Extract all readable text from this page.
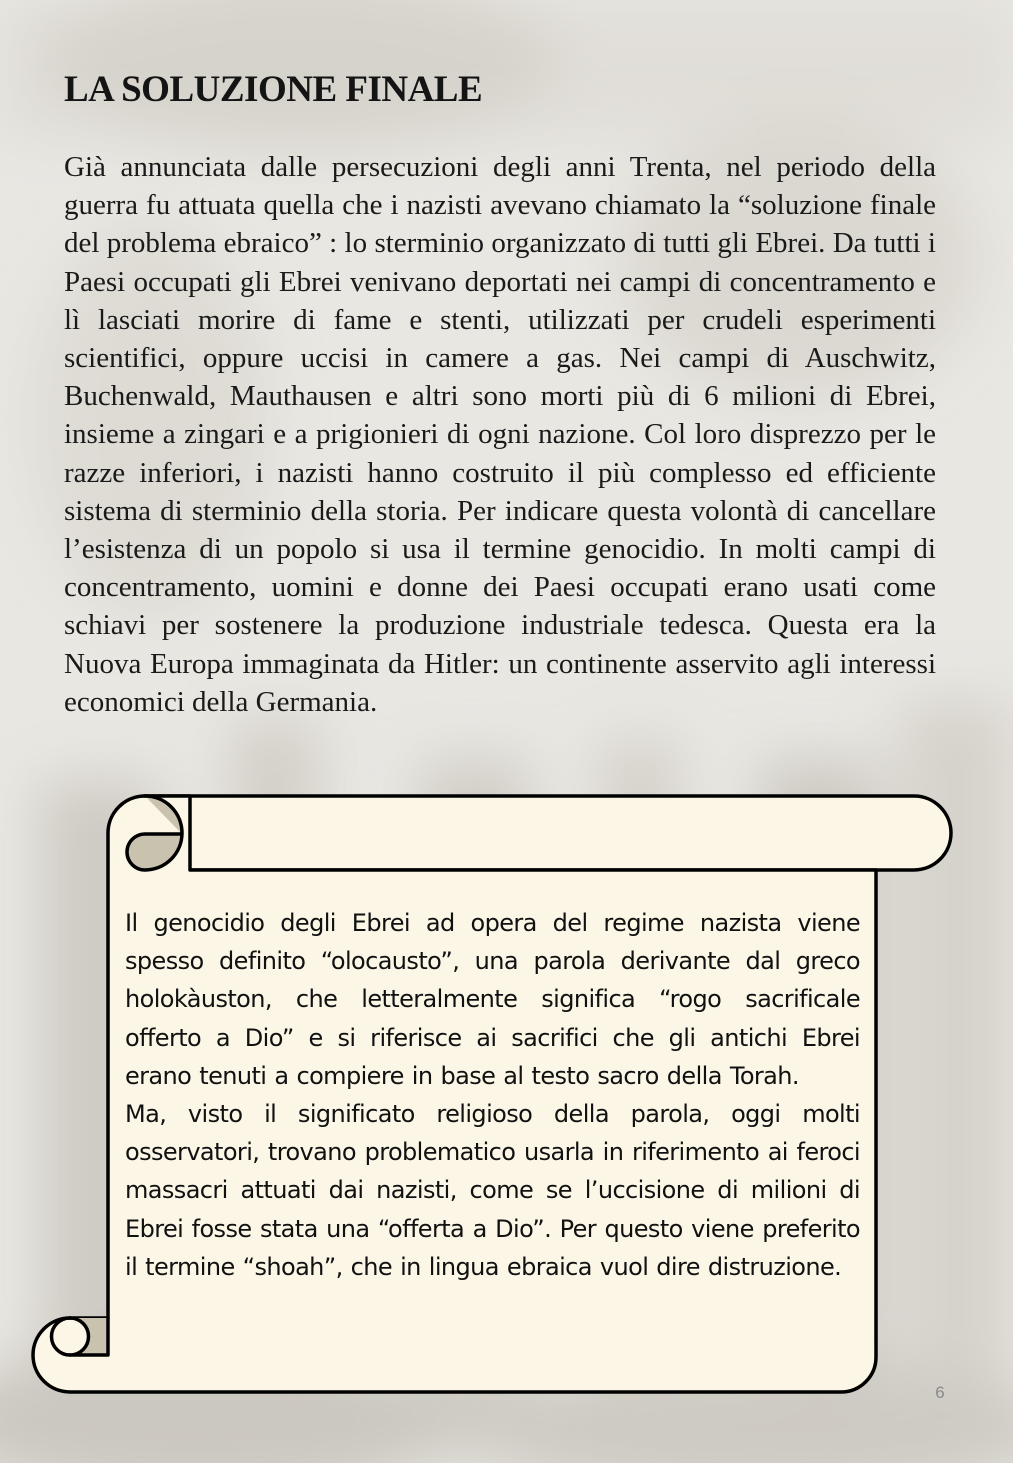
LA SOLUZIONE FINALE

Già annunciata dalle persecuzioni degli anni Trenta, nel periodo della guerra fu attuata quella che i nazisti avevano chiamato la “soluzione finale del problema ebraico” : lo sterminio organizzato di tutti gli Ebrei. Da tutti i Paesi occupati gli Ebrei venivano deportati nei campi di concentramento e lì lasciati morire di fame e stenti, utilizzati per crudeli esperimenti scientifici, oppure uccisi in camere a gas. Nei campi di Auschwitz, Buchenwald, Mauthausen e altri sono morti più di 6 milioni di Ebrei, insieme a zingari e a prigionieri di ogni nazione. Col loro disprezzo per le razze inferiori, i nazisti hanno costruito il più complesso ed efficiente sistema di sterminio della storia. Per indicare questa volontà di cancellare l’esistenza di un popolo si usa il termine genocidio. In molti campi di concentramento, uomini e donne dei Paesi occupati erano usati come schiavi per sostenere la produzione industriale tedesca. Questa era la Nuova Europa immaginata da Hitler: un continente asservito agli interessi economici della Germania.

Il genocidio degli Ebrei ad opera del regime nazista viene spesso definito “olocausto”, una parola derivante dal greco holokàuston, che letteralmente significa “rogo sacrificale offerto a Dio” e si riferisce ai sacrifici che gli antichi Ebrei erano tenuti a compiere in base al testo sacro della Torah.

Ma, visto il significato religioso della parola, oggi molti osservatori, trovano problematico usarla in riferimento ai feroci massacri attuati dai nazisti, come se l’uccisione di milioni di Ebrei fosse stata una “offerta a Dio”. Per questo viene preferito il termine “shoah”, che in lingua ebraica vuol dire distruzione.

6
